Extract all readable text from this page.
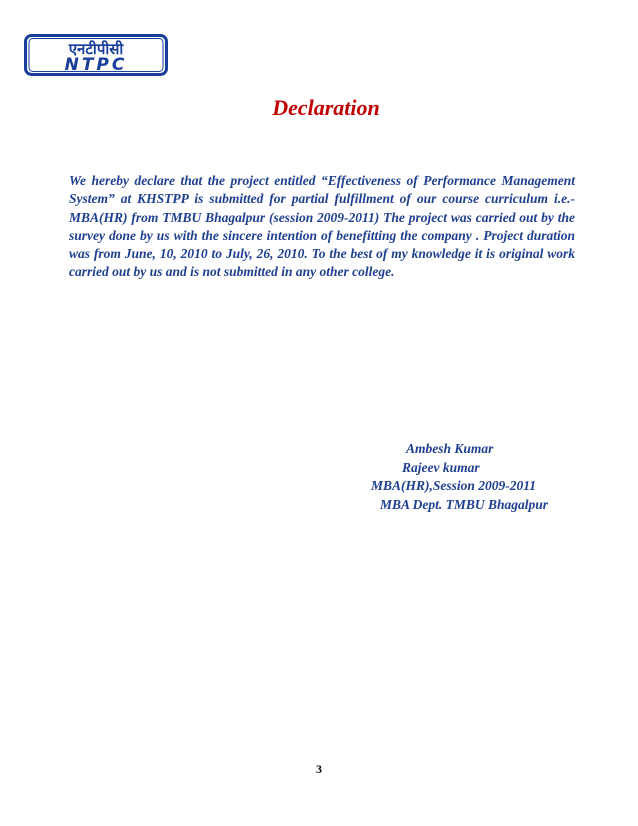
एनटीपीसी
NTPC
Declaration

We hereby declare that the project entitled “Effectiveness of Performance Management System” at KHSTPP is submitted for partial fulfillment of our course curriculum i.e.- MBA(HR) from TMBU Bhagalpur (session 2009-2011) The project was carried out by the survey done by us with the sincere intention of benefitting the company . Project duration was from June, 10, 2010 to July, 26, 2010. To the best of my knowledge it is original work carried out by us and is not submitted in any other college.

Ambesh Kumar
Rajeev kumar
MBA(HR),Session 2009-2011
MBA Dept. TMBU Bhagalpur
3
